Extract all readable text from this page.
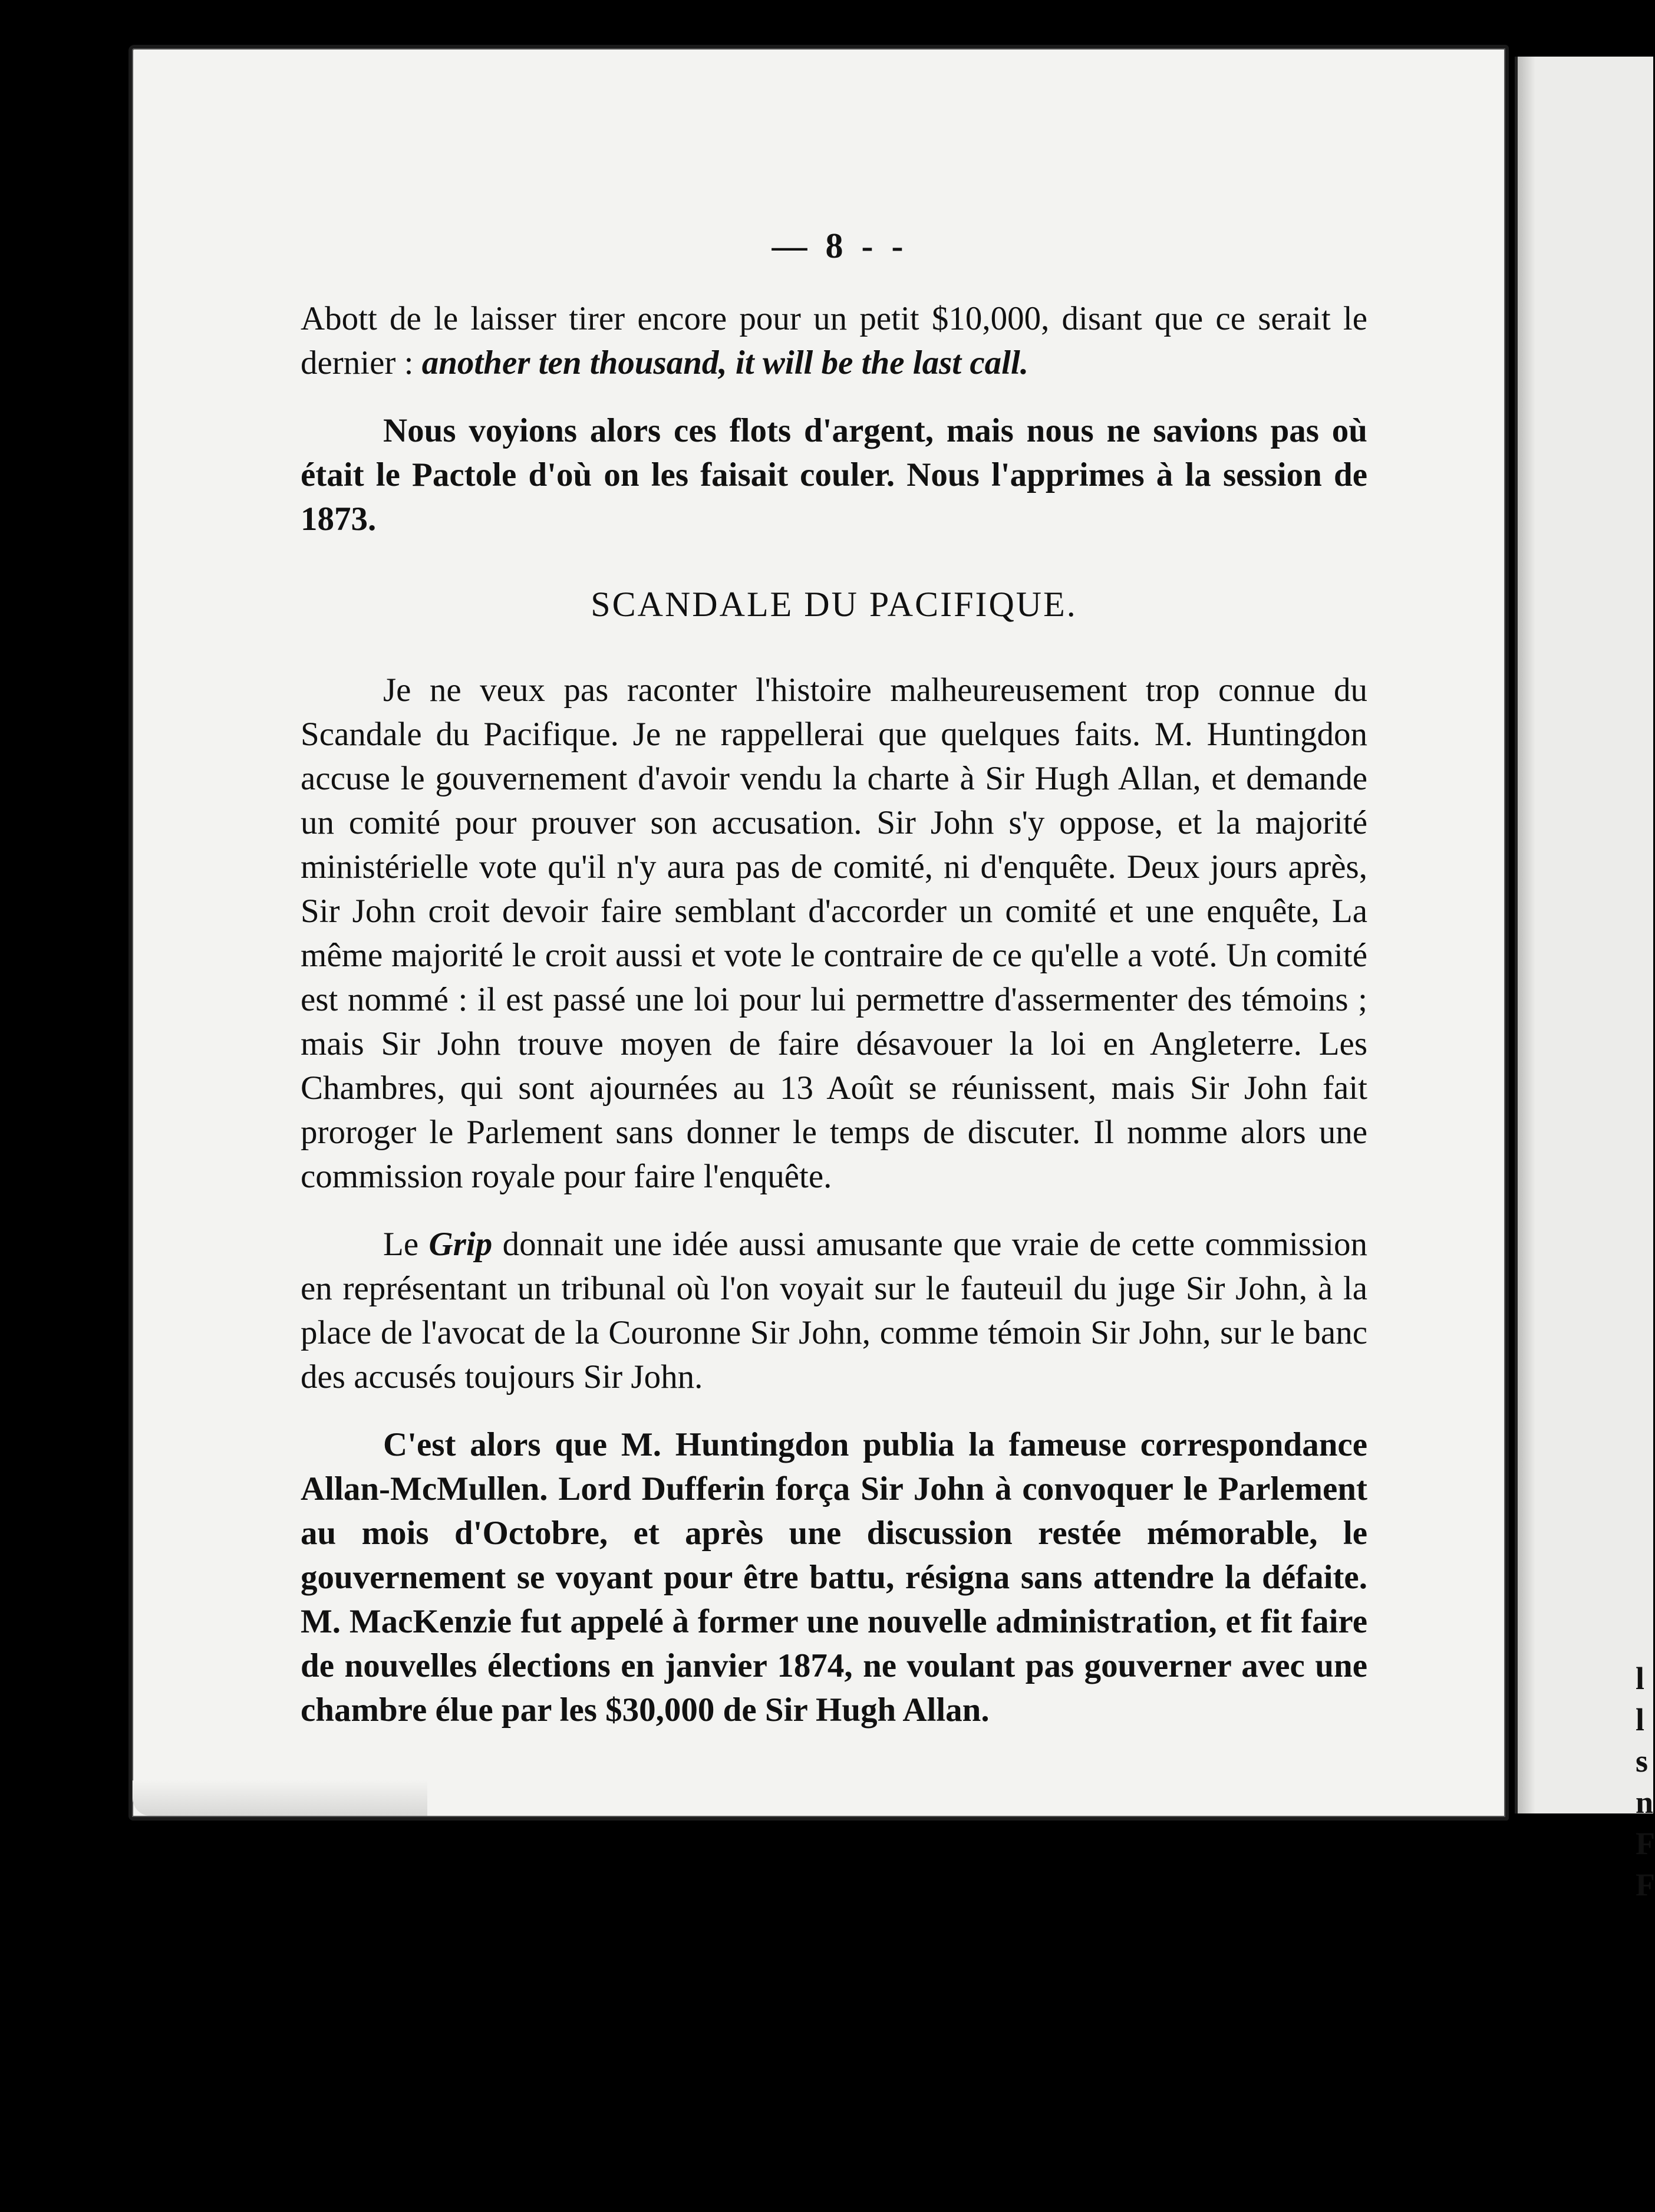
l
l
s
n
F
F
— 8 - -

Abott de le laisser tirer encore pour un petit $10,000, disant que ce serait le dernier : another ten thousand, it will be the last call.

Nous voyions alors ces flots d'argent, mais nous ne savions pas où était le Pactole d'où on les faisait couler. Nous l'apprimes à la session de 1873.

SCANDALE DU PACIFIQUE.

Je ne veux pas raconter l'histoire malheureusement trop connue du Scandale du Pacifique. Je ne rappellerai que quelques faits. M. Huntingdon accuse le gouvernement d'avoir vendu la charte à Sir Hugh Allan, et demande un comité pour prouver son accusation. Sir John s'y oppose, et la majorité ministérielle vote qu'il n'y aura pas de comité, ni d'enquête. Deux jours après, Sir John croit devoir faire semblant d'accorder un comité et une enquête, La même majorité le croit aussi et vote le contraire de ce qu'elle a voté. Un comité est nommé : il est passé une loi pour lui permettre d'assermenter des témoins ; mais Sir John trouve moyen de faire désavouer la loi en Angleterre. Les Chambres, qui sont ajournées au 13 Août se réunissent, mais Sir John fait proroger le Parlement sans donner le temps de discuter. Il nomme alors une commission royale pour faire l'enquête.

Le Grip donnait une idée aussi amusante que vraie de cette commission en représentant un tribunal où l'on voyait sur le fauteuil du juge Sir John, à la place de l'avocat de la Couronne Sir John, comme témoin Sir John, sur le banc des accusés toujours Sir John.

C'est alors que M. Huntingdon publia la fameuse correspondance Allan-McMullen. Lord Dufferin força Sir John à convoquer le Parlement au mois d'Octobre, et après une discussion restée mémorable, le gouvernement se voyant pour être battu, résigna sans attendre la défaite. M. MacKenzie fut appelé à former une nouvelle administration, et fit faire de nouvelles élections en janvier 1874, ne voulant pas gouverner avec une chambre élue par les $30,000 de Sir Hugh Allan.
